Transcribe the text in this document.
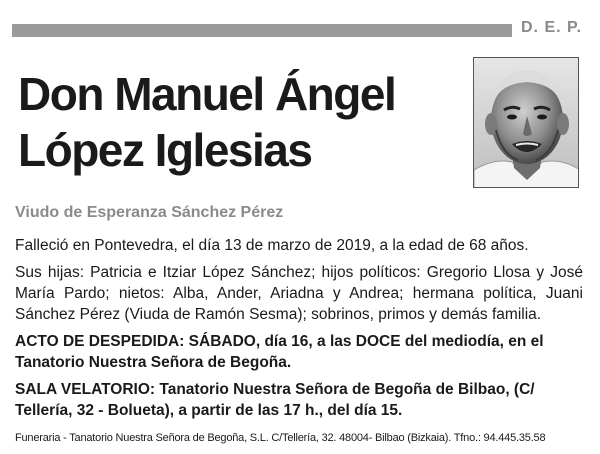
D. E. P.
Don Manuel Ángel
López Iglesias
Viudo de Esperanza Sánchez Pérez

Falleció en Pontevedra, el día 13 de marzo de 2019, a la edad de 68 años.

Sus hijas: Patricia e Itziar López Sánchez; hijos políticos: Gregorio Llosa y José María Pardo; nietos: Alba, Ander, Ariadna y Andrea; hermana política, Juani Sánchez Pérez (Viuda de Ramón Sesma); sobrinos, primos y demás familia.

ACTO DE DESPEDIDA: SÁBADO, día 16, a las DOCE del mediodía, en el Tanatorio Nuestra Señora de Begoña.

SALA VELATORIO: Tanatorio Nuestra Señora de Begoña de Bilbao, (C/ Tellería, 32 - Bolueta), a partir de las 17 h., del día 15.

Funeraria - Tanatorio Nuestra Señora de Begoña, S.L. C/Tellería, 32. 48004- Bilbao (Bizkaia). Tfno.: 94.445.35.58
